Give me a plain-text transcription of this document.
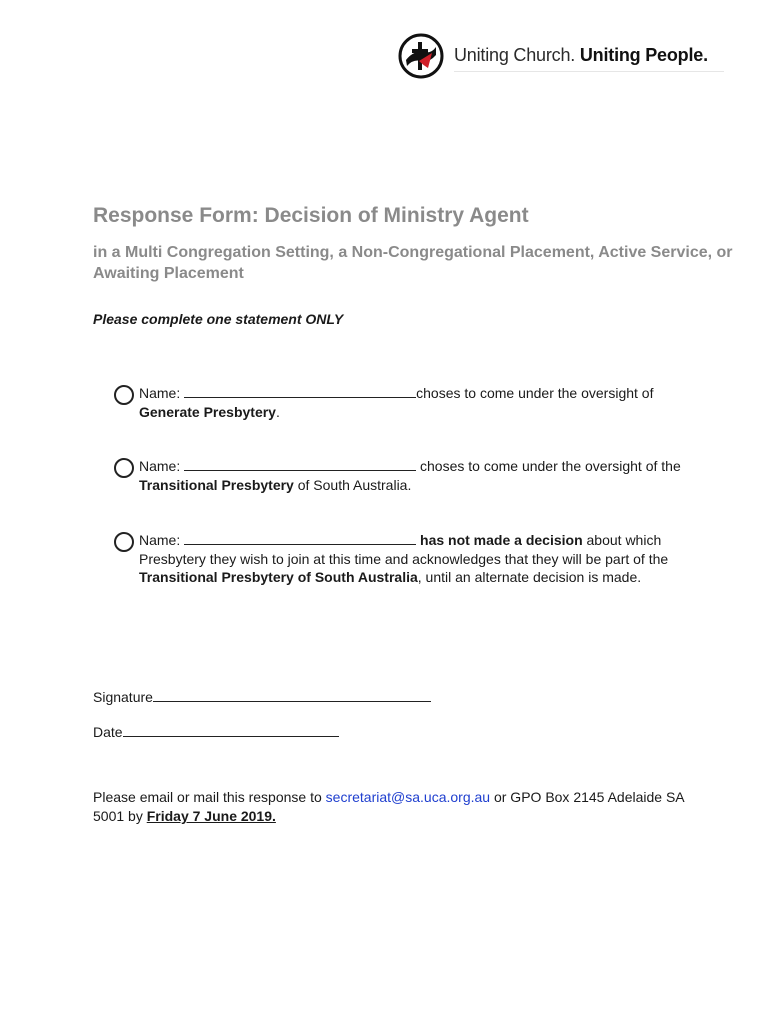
Uniting Church. Uniting People.
Response Form: Decision of Ministry Agent
in a Multi Congregation Setting, a Non-Congregational Placement, Active Service, or Awaiting Placement
Please complete one statement ONLY
Name:	choses to come under the oversight of Generate Presbytery.
Name:	choses to come under the oversight of the Transitional Presbytery of South Australia.
Name:	has not made a decision about which Presbytery they wish to join at this time and acknowledges that they will be part of the Transitional Presbytery of South Australia, until an alternate decision is made.
Signature
Date
Please email or mail this response to secretariat@sa.uca.org.au or GPO Box 2145 Adelaide SA 5001 by Friday 7 June 2019.
